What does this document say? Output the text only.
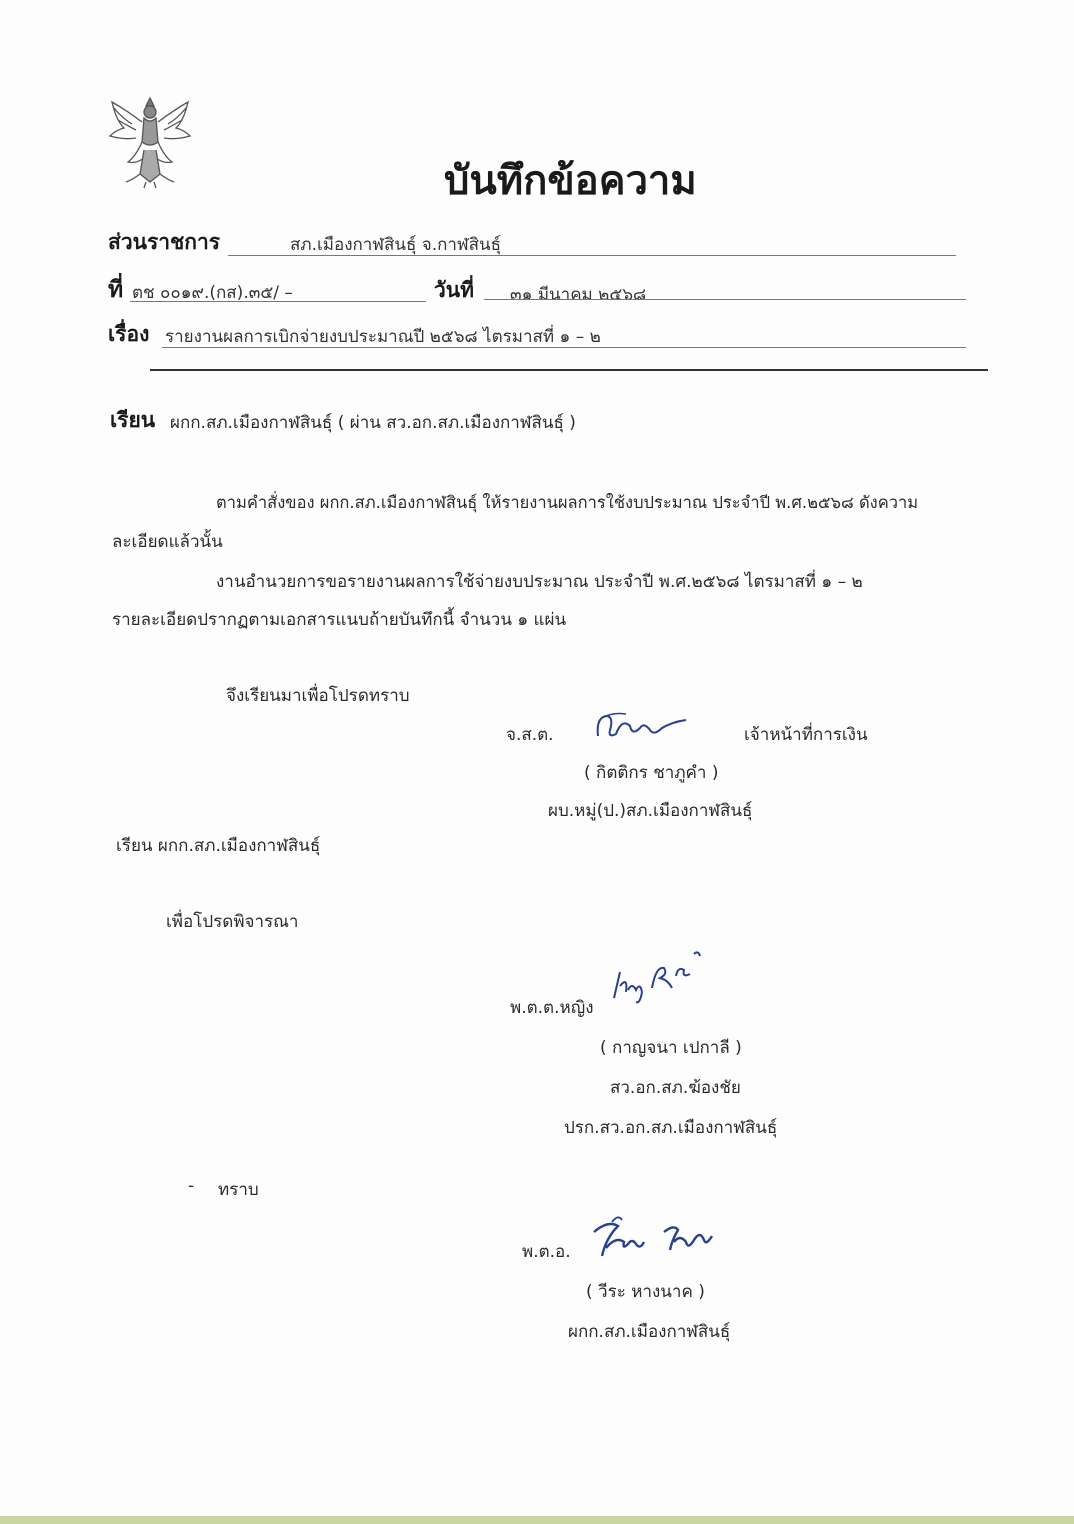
บันทึกข้อความ
ส่วนราชการ	สภ.เมืองกาฬสินธุ์ จ.กาฬสินธุ์
ที่ ตช ๐๐๑๙.(กส).๓๕/ –	วันที่ ๓๑ มีนาคม ๒๕๖๘
เรื่อง รายงานผลการเบิกจ่ายงบประมาณปี ๒๕๖๘ ไตรมาสที่ ๑ – ๒
เรียน ผกก.สภ.เมืองกาฬสินธุ์ ( ผ่าน สว.อก.สภ.เมืองกาฬสินธุ์ )
ตามคำสั่งของ ผกก.สภ.เมืองกาฬสินธุ์ ให้รายงานผลการใช้งบประมาณ ประจำปี พ.ศ.๒๕๖๘ ดังความ
ละเอียดแล้วนั้น
งานอำนวยการขอรายงานผลการใช้จ่ายงบประมาณ ประจำปี พ.ศ.๒๕๖๘ ไตรมาสที่ ๑ – ๒
รายละเอียดปรากฏตามเอกสารแนบถ้ายบันทึกนี้ จำนวน ๑ แผ่น
จึงเรียนมาเพื่อโปรดทราบ
จ.ส.ต.	เจ้าหน้าที่การเงิน
( กิตติกร ชาภูคำ )
ผบ.หมู่(ป.)สภ.เมืองกาฬสินธุ์
เรียน ผกก.สภ.เมืองกาฬสินธุ์
เพื่อโปรดพิจารณา
พ.ต.ต.หญิง
( กาญจนา เปกาลี )
สว.อก.สภ.ฆ้องชัย
ปรก.สว.อก.สภ.เมืองกาฬสินธุ์
- ทราบ
พ.ต.อ.
( วีระ หางนาค )
ผกก.สภ.เมืองกาฬสินธุ์
